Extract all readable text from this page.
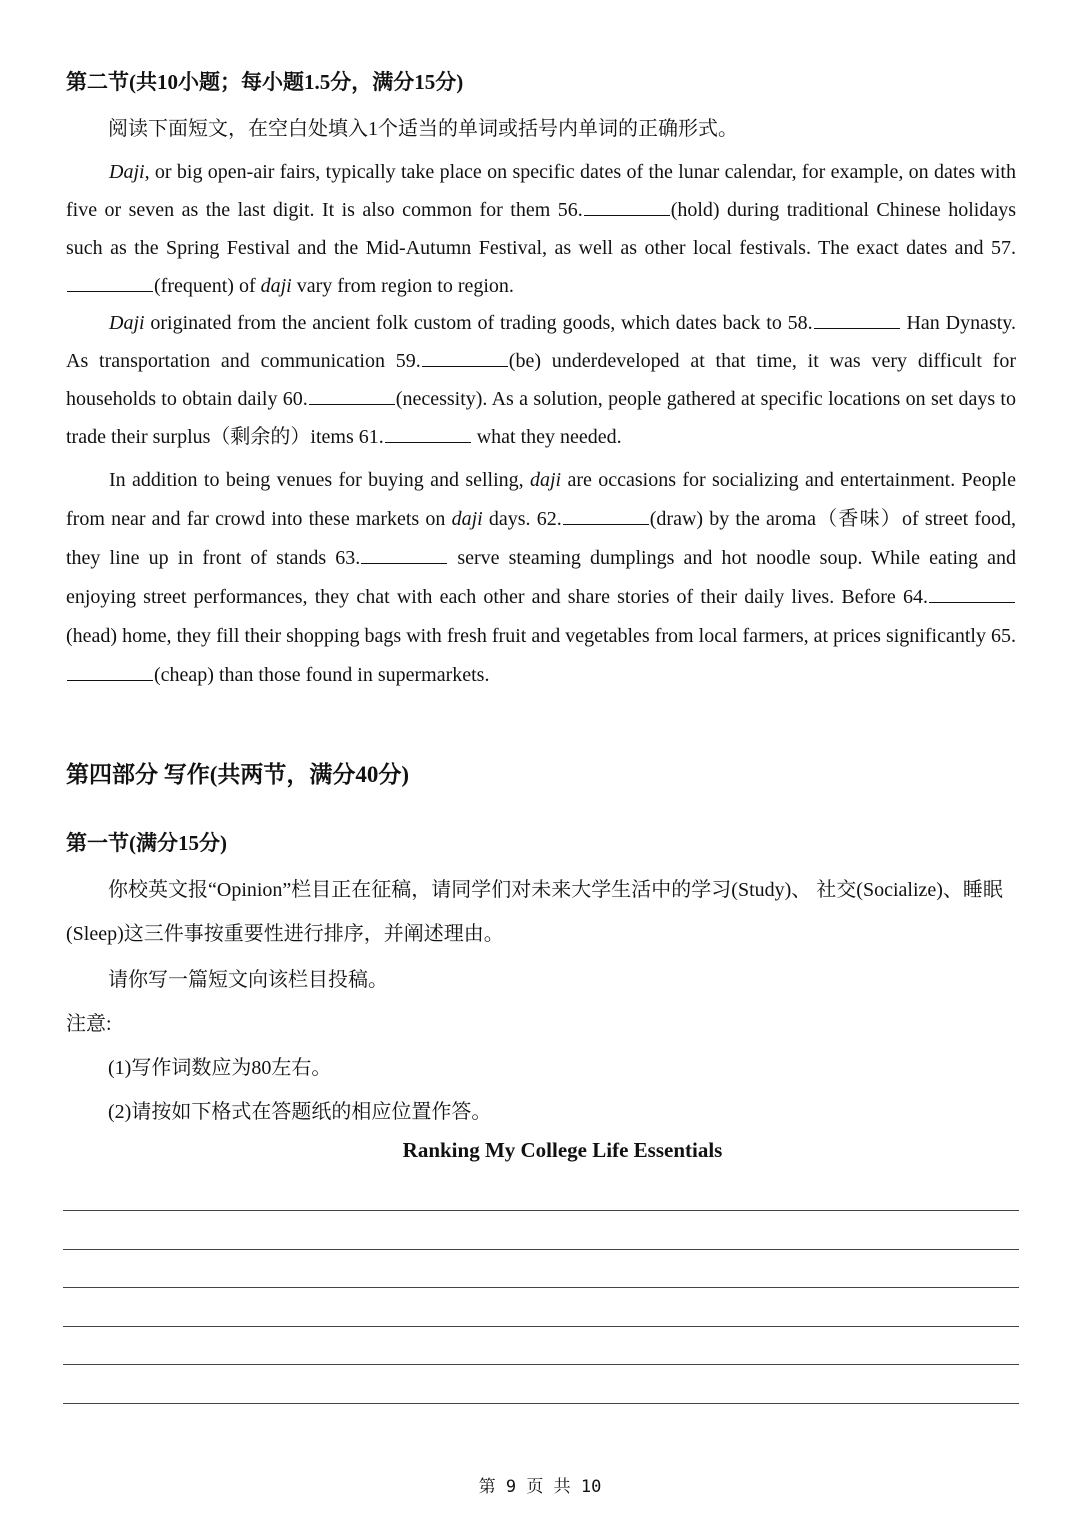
第二节(共10小题；每小题1.5分，满分15分)
阅读下面短文，在空白处填入1个适当的单词或括号内单词的正确形式。

Daji, or big open-air fairs, typically take place on specific dates of the lunar calendar, for example, on dates with five or seven as the last digit. It is also common for them 56.	(hold) during traditional Chinese holidays such as the Spring Festival and the Mid-Autumn Festival, as well as other local festivals. The exact dates and 57.(frequent) of daji vary from region to region.

Daji originated from the ancient folk custom of trading goods, which dates back to 58.	Han Dynasty. As transportation and communication 59.	(be) underdeveloped at that time, it was very difficult for households to obtain daily 60.	(necessity). As a solution, people gathered at specific locations on set days to trade their surplus（剩余的）items 61.	what they needed.

In addition to being venues for buying and selling, daji are occasions for socializing and entertainment. People from near and far crowd into these markets on daji days. 62.	(draw) by the aroma（香味）of street food, they line up in front of stands 63.	serve steaming dumplings and hot noodle soup. While eating and enjoying street performances, they chat with each other and share stories of their daily lives. Before 64.(head) home, they fill their shopping bags with fresh fruit and vegetables from local farmers, at prices significantly 65.(cheap) than those found in supermarkets.

第四部分 写作(共两节，满分40分)
第一节(满分15分)
你校英文报“Opinion”栏目正在征稿，请同学们对未来大学生活中的学习(Study)、 社交(Socialize)、睡眠(Sleep)这三件事按重要性进行排序，并阐述理由。
请你写一篇短文向该栏目投稿。
注意:
(1)写作词数应为80左右。
(2)请按如下格式在答题纸的相应位置作答。
Ranking My College Life Essentials
第 9 页 共 10
